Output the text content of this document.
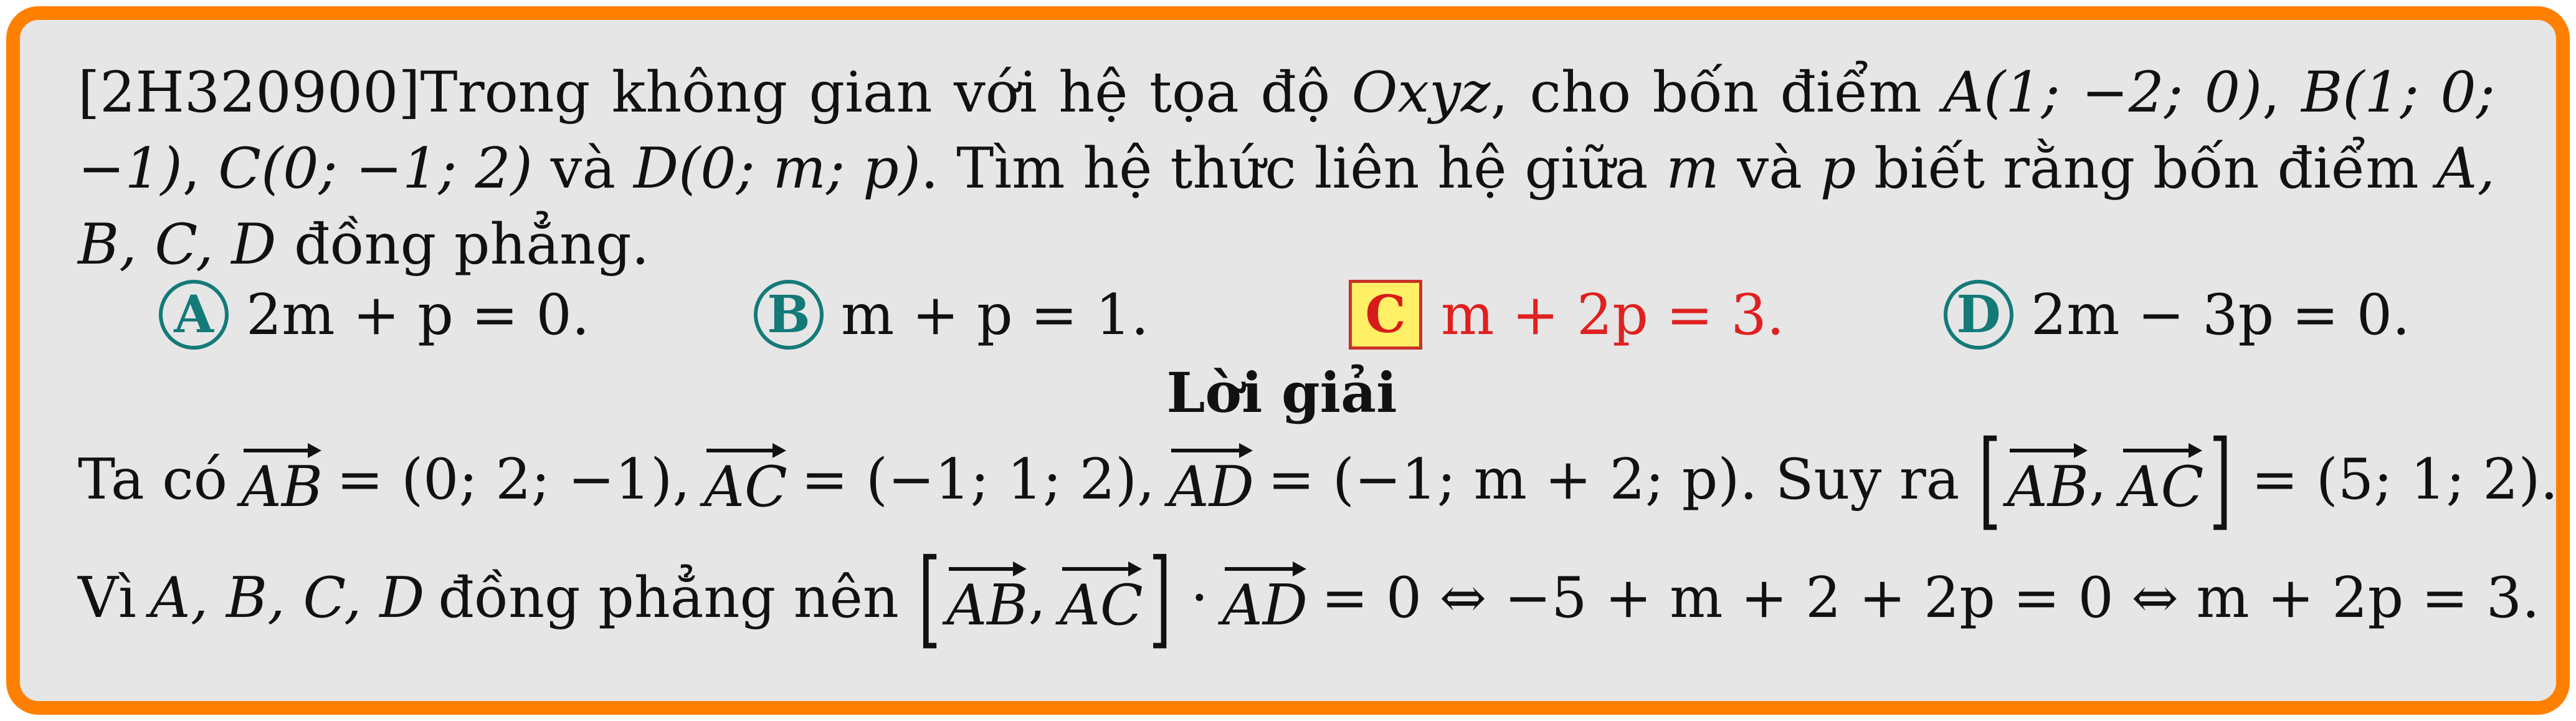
[2H320900]Trong không gian với hệ tọa độ Oxyz, cho bốn điểm A(1; −2; 0), B(1; 0; −1), C(0; −1; 2) và D(0; m; p). Tìm hệ thức liên hệ giữa m và p biết rằng bốn điểm A, B, C, D đồng phẳng.
A 2m + p = 0.	B m + p = 1.	C m + 2p = 3.	D 2m − 3p = 0.
Lời giải
Ta có AB = (0; 2; −1), AC = (−1; 1; 2), AD = (−1; m + 2; p). Suy ra [ AB , AC ] = (5; 1; 2).
Vì A, B, C, D đồng phẳng nên [ AB , AC ] · AD = 0 ⇔ −5 + m + 2 + 2p = 0 ⇔ m + 2p = 3.
